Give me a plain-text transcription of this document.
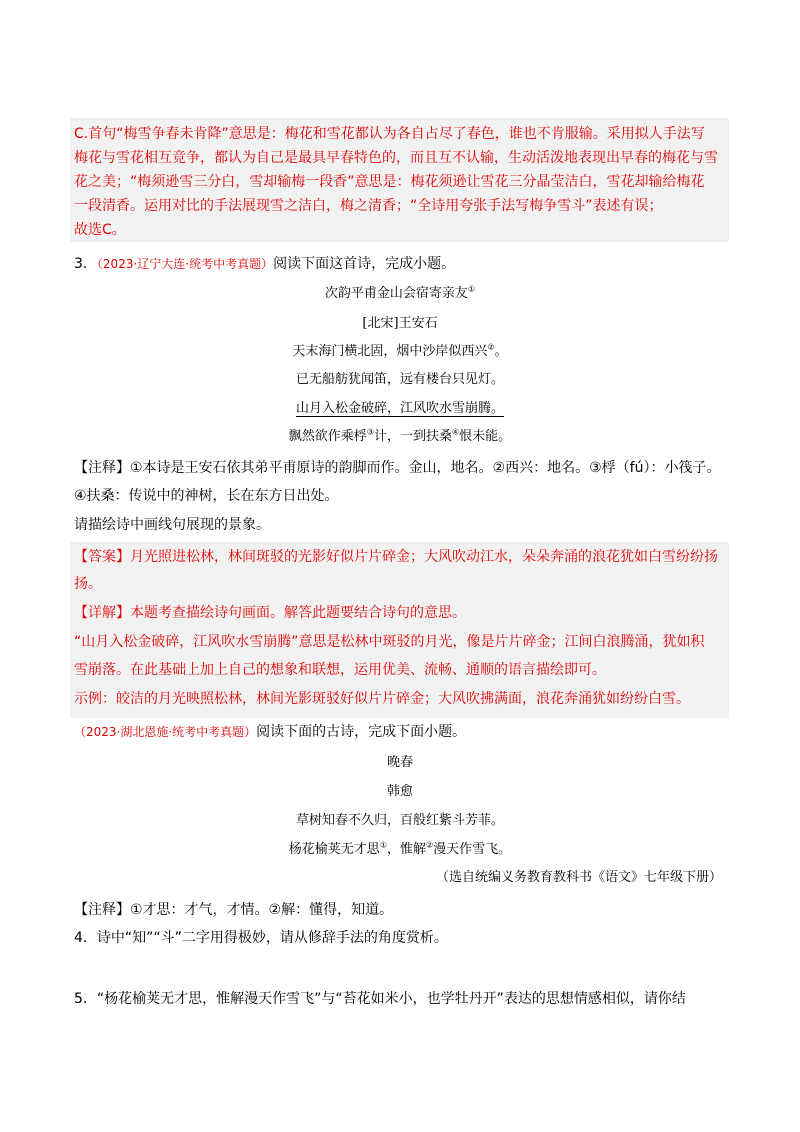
C.首句“梅雪争春未肯降”意思是：梅花和雪花都认为各自占尽了春色，谁也不肯服输。采用拟人手法写
梅花与雪花相互竞争，都认为自己是最具早春特色的，而且互不认输，生动活泼地表现出早春的梅花与雪
花之美；“梅须逊雪三分白，雪却输梅一段香”意思是：梅花须逊让雪花三分晶莹洁白，雪花却输给梅花
一段清香。运用对比的手法展现雪之洁白，梅之清香；“全诗用夸张手法写梅争雪斗”表述有误；
故选C。
3．（2023·辽宁大连·统考中考真题）阅读下面这首诗，完成小题。
次韵平甫金山会宿寄亲友①
[北宋]王安石
天末海门横北固，烟中沙岸似西兴②。
已无船舫犹闻笛，远有楼台只见灯。
山月入松金破碎，江风吹水雪崩腾。
飘然欲作乘桴③计，一到扶桑④恨未能。
【注释】①本诗是王安石依其弟平甫原诗的韵脚而作。金山，地名。②西兴：地名。③桴（fú）：小筏子。
④扶桑：传说中的神树，长在东方日出处。
请描绘诗中画线句展现的景象。
【答案】月光照进松林，林间斑驳的光影好似片片碎金；大风吹动江水，朵朵奔涌的浪花犹如白雪纷纷扬
扬。
【详解】本题考查描绘诗句画面。解答此题要结合诗句的意思。
“山月入松金破碎，江风吹水雪崩腾”意思是松林中斑驳的月光，像是片片碎金；江间白浪腾涌，犹如积
雪崩落。在此基础上加上自己的想象和联想，运用优美、流畅、通顺的语言描绘即可。
示例：皎洁的月光映照松林，林间光影斑驳好似片片碎金；大风吹拂满面，浪花奔涌犹如纷纷白雪。
（2023·湖北恩施·统考中考真题）阅读下面的古诗，完成下面小题。
晚春
韩愈
草树知春不久归，百般红紫斗芳菲。
杨花榆荚无才思①，惟解②漫天作雪飞。
（选自统编义务教育教科书《语文》七年级下册）
【注释】①才思：才气，才情。②解：懂得，知道。
4．诗中“知”“斗”二字用得极妙，请从修辞手法的角度赏析。
5．“杨花榆荚无才思，惟解漫天作雪飞”与“苔花如米小，也学牡丹开”表达的思想情感相似，请你结
